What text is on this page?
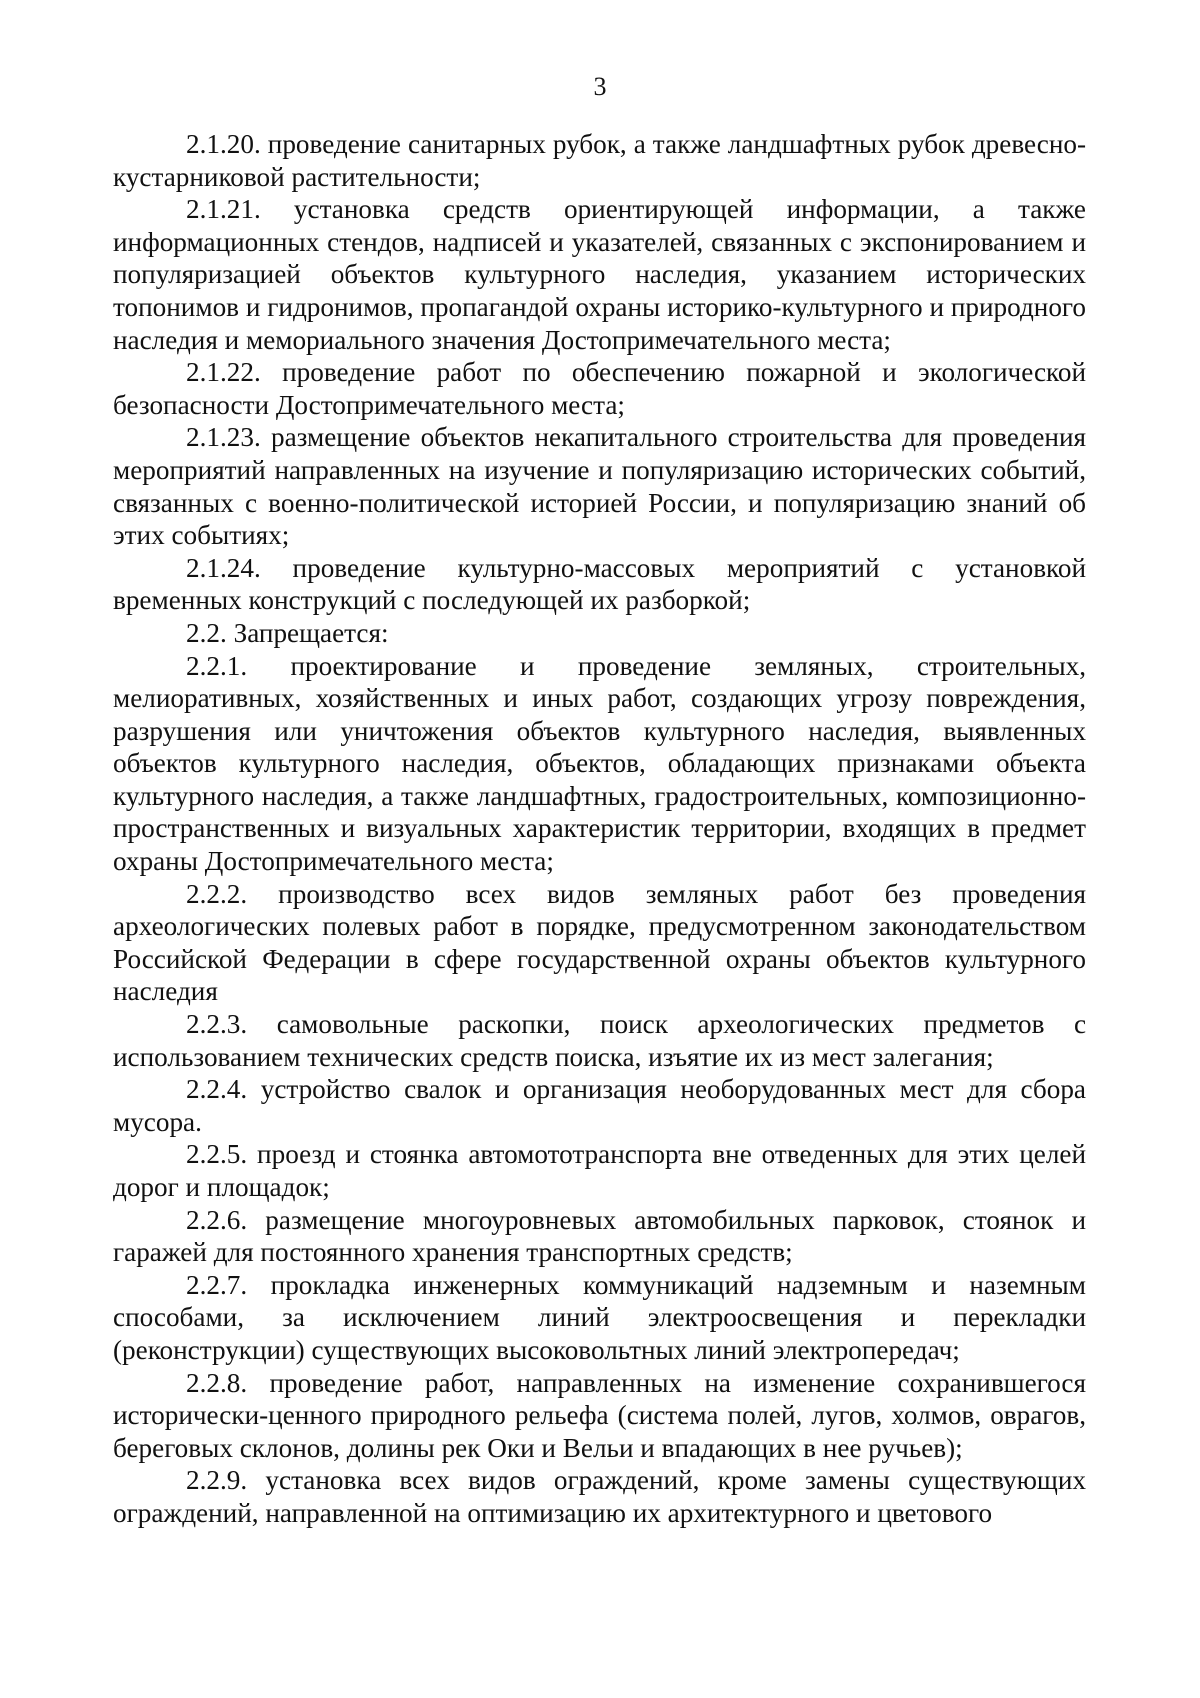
3

2.1.20. проведение санитарных рубок, а также ландшафтных рубок древесно-кустарниковой растительности;

2.1.21. установка средств ориентирующей информации, а также информационных стендов, надписей и указателей, связанных с экспонированием и популяризацией объектов культурного наследия, указанием исторических топонимов и гидронимов, пропагандой охраны историко-культурного и природного наследия и мемориального значения Достопримечательного места;

2.1.22. проведение работ по обеспечению пожарной и экологической безопасности Достопримечательного места;

2.1.23. размещение объектов некапитального строительства для проведения мероприятий направленных на изучение и популяризацию исторических событий, связанных с военно-политической историей России, и популяризацию знаний об этих событиях;

2.1.24. проведение культурно-массовых мероприятий с установкой временных конструкций с последующей их разборкой;

2.2. Запрещается:

2.2.1. проектирование и проведение земляных, строительных, мелиоративных, хозяйственных и иных работ, создающих угрозу повреждения, разрушения или уничтожения объектов культурного наследия, выявленных объектов культурного наследия, объектов, обладающих признаками объекта культурного наследия, а также ландшафтных, градостроительных, композиционно-пространственных и визуальных характеристик территории, входящих в предмет охраны Достопримечательного места;

2.2.2. производство всех видов земляных работ без проведения археологических полевых работ в порядке, предусмотренном законодательством Российской Федерации в сфере государственной охраны объектов культурного наследия

2.2.3. самовольные раскопки, поиск археологических предметов с использованием технических средств поиска, изъятие их из мест залегания;

2.2.4. устройство свалок и организация необорудованных мест для сбора мусора.

2.2.5. проезд и стоянка автомототранспорта вне отведенных для этих целей дорог и площадок;

2.2.6. размещение многоуровневых автомобильных парковок, стоянок и гаражей для постоянного хранения транспортных средств;

2.2.7. прокладка инженерных коммуникаций надземным и наземным способами, за исключением линий электроосвещения и перекладки (реконструкции) существующих высоковольтных линий электропередач;

2.2.8. проведение работ, направленных на изменение сохранившегося исторически-ценного природного рельефа (система полей, лугов, холмов, оврагов, береговых склонов, долины рек Оки и Вельи и впадающих в нее ручьев);

2.2.9. установка всех видов ограждений, кроме замены существующих ограждений, направленной на оптимизацию их архитектурного и цветового
